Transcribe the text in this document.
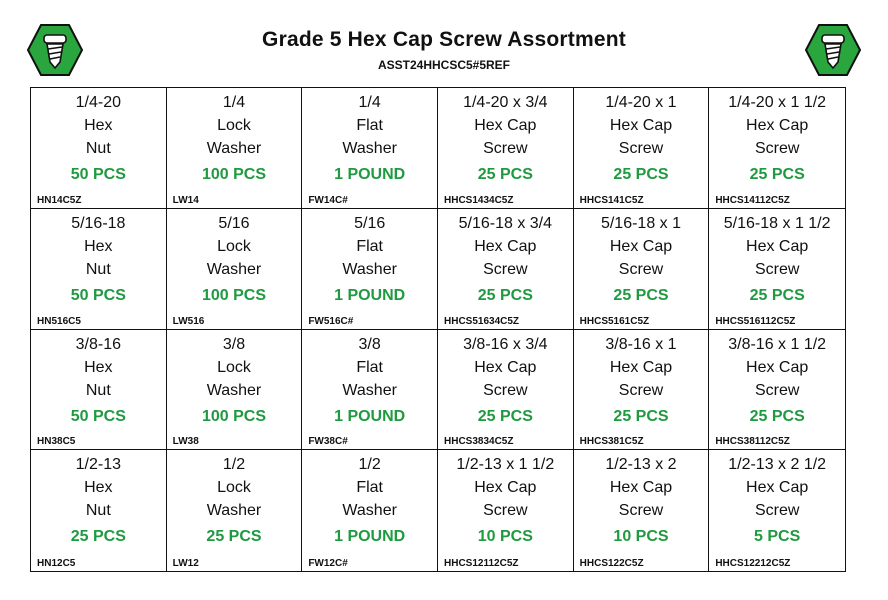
Grade 5 Hex Cap Screw Assortment
ASST24HHCSC5#5REF
1/4-20
Hex
Nut
50 PCS
HN14C5Z
1/4
Lock
Washer
100 PCS
LW14
1/4
Flat
Washer
1 POUND
FW14C#
1/4-20 x 3/4
Hex Cap
Screw
25 PCS
HHCS1434C5Z
1/4-20 x 1
Hex Cap
Screw
25 PCS
HHCS141C5Z
1/4-20 x 1 1/2
Hex Cap
Screw
25 PCS
HHCS14112C5Z
5/16-18
Hex
Nut
50 PCS
HN516C5
5/16
Lock
Washer
100 PCS
LW516
5/16
Flat
Washer
1 POUND
FW516C#
5/16-18 x 3/4
Hex Cap
Screw
25 PCS
HHCS51634C5Z
5/16-18 x 1
Hex Cap
Screw
25 PCS
HHCS5161C5Z
5/16-18 x 1 1/2
Hex Cap
Screw
25 PCS
HHCS516112C5Z
3/8-16
Hex
Nut
50 PCS
HN38C5
3/8
Lock
Washer
100 PCS
LW38
3/8
Flat
Washer
1 POUND
FW38C#
3/8-16 x 3/4
Hex Cap
Screw
25 PCS
HHCS3834C5Z
3/8-16 x 1
Hex Cap
Screw
25 PCS
HHCS381C5Z
3/8-16 x 1 1/2
Hex Cap
Screw
25 PCS
HHCS38112C5Z
1/2-13
Hex
Nut
25 PCS
HN12C5
1/2
Lock
Washer
25 PCS
LW12
1/2
Flat
Washer
1 POUND
FW12C#
1/2-13 x 1 1/2
Hex Cap
Screw
10 PCS
HHCS12112C5Z
1/2-13 x 2
Hex Cap
Screw
10 PCS
HHCS122C5Z
1/2-13 x 2 1/2
Hex Cap
Screw
5 PCS
HHCS12212C5Z
